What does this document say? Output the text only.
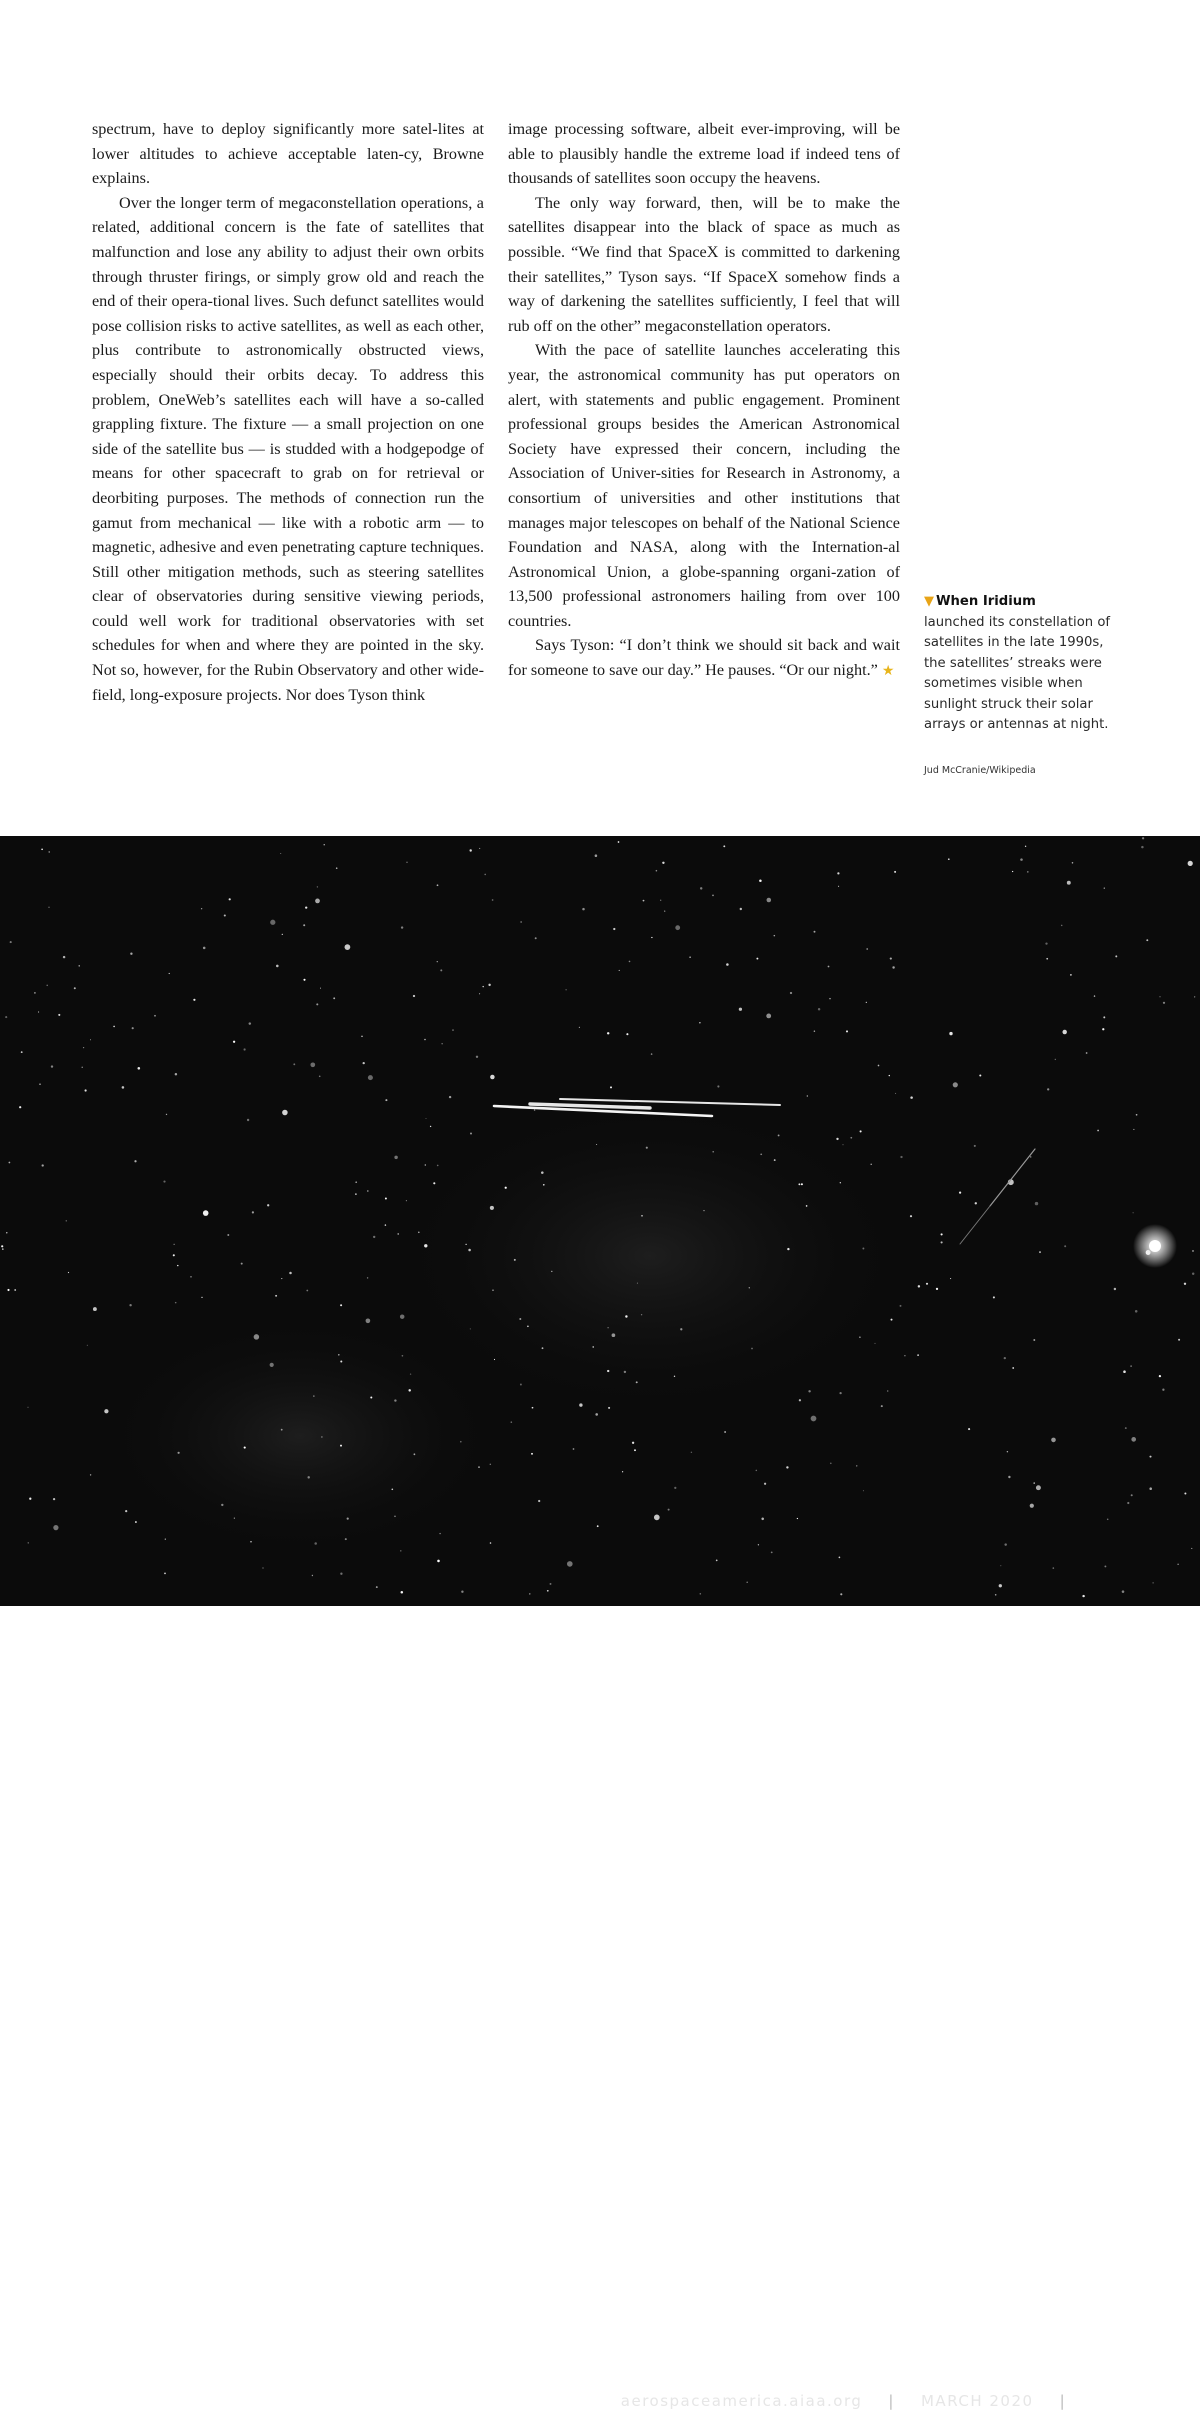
spectrum, have to deploy significantly more satel-lites at lower altitudes to achieve acceptable laten-cy, Browne explains.

Over the longer term of megaconstellation operations, a related, additional concern is the fate of satellites that malfunction and lose any ability to adjust their own orbits through thruster firings, or simply grow old and reach the end of their opera-tional lives. Such defunct satellites would pose collision risks to active satellites, as well as each other, plus contribute to astronomically obstructed views, especially should their orbits decay. To address this problem, OneWeb’s satellites each will have a so-called grappling fixture. The fixture — a small projection on one side of the satellite bus — is studded with a hodgepodge of means for other spacecraft to grab on for retrieval or deorbiting purposes. The methods of connection run the gamut from mechanical — like with a robotic arm — to magnetic, adhesive and even penetrating capture techniques. Still other mitigation methods, such as steering satellites clear of observatories during sensitive viewing periods, could well work for traditional observatories with set schedules for when and where they are pointed in the sky. Not so, however, for the Rubin Observatory and other wide-field, long-exposure projects. Nor does Tyson think

image processing software, albeit ever-improving, will be able to plausibly handle the extreme load if indeed tens of thousands of satellites soon occupy the heavens.

The only way forward, then, will be to make the satellites disappear into the black of space as much as possible. “We find that SpaceX is committed to darkening their satellites,” Tyson says. “If SpaceX somehow finds a way of darkening the satellites sufficiently, I feel that will rub off on the other” megaconstellation operators.

With the pace of satellite launches accelerating this year, the astronomical community has put operators on alert, with statements and public engagement. Prominent professional groups besides the American Astronomical Society have expressed their concern, including the Association of Univer-sities for Research in Astronomy, a consortium of universities and other institutions that manages major telescopes on behalf of the National Science Foundation and NASA, along with the Internation-al Astronomical Union, a globe-spanning organi-zation of 13,500 professional astronomers hailing from over 100 countries.

Says Tyson: “I don’t think we should sit back and wait for someone to save our day.” He pauses. “Or our night.” ★

▼ When Iridium
launched its constellation of satellites in the late 1990s, the satellites’ streaks were sometimes visible when sunlight struck their solar arrays or antennas at night.
Jud McCranie/Wikipedia
aerospaceamerica.aiaa.org | MARCH 2020 | 33
